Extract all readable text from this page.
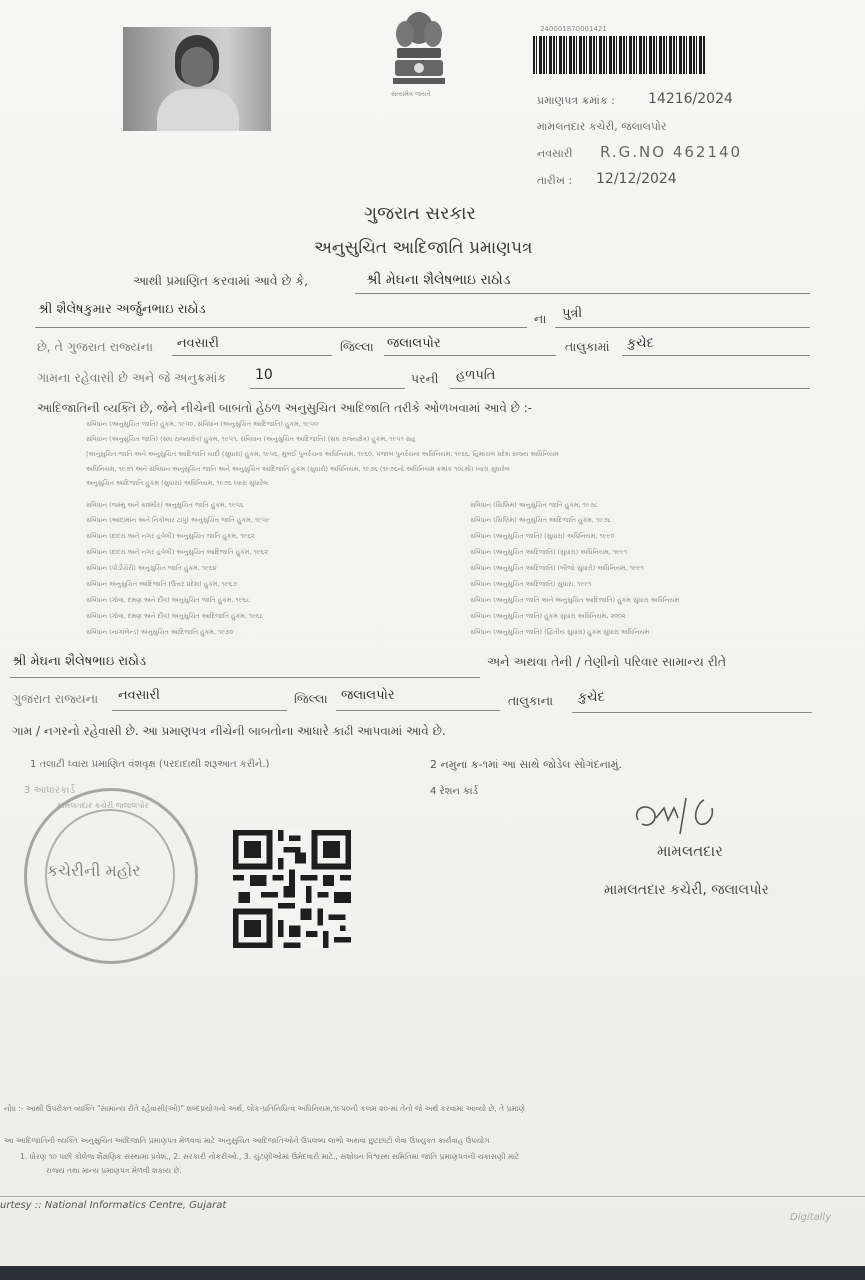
સત્યમેવ જયતે
240001870001421
પ્રમાણપત્ર ક્રમાંક : 14216/2024
મામલતદાર કચેરી, જલાલપોર
નવસારી R.G.NO 462140
તારીખ : 12/12/2024
ગુજરાત સરકાર
અનુસુચિત આદિજાતિ પ્રમાણપત્ર
આથી પ્રમાણિત કરવામાં આવે છે કે,	શ્રી મેઘના શૈલેષભાઇ રાઠોડ
શ્રી શૈલેષકુમાર અર્જુનભાઇ રાઠોડ
ના પુત્રી
છે, તે ગુજરાત રાજ્યના નવસારી	જિલ્લા જલાલપોર	તાલુકામાં કુચેદ
ગામના રહેવાસી છે અને જે અનુક્રમાંક 10	પરની હળપતિ
આદિજાતિની વ્યક્તિ છે, જેને નીચેની બાબતો હેઠળ અનુસુચિત આદિજાતિ તરીકે ઓળખવામાં આવે છે :-
સંવિધાન (અનુસુચિત જાતિ) હુકમ, ૧૯૫૦, સંવિધાન (અનુસુચિત આદિજાતિ) હુકમ, ૧૯૫૦
સંવિધાન (અનુસુચિત જાતિ) (સંઘ રાજ્યક્ષેત્ર) હુકમ, ૧૯૫૧, સંવિધાન (અનુસુચિત આદિજાતિ) (સંઘ રાજ્યક્ષેત્ર) હુકમ, ૧૯૫૧ સહ
(અનુસુચિત જાતિ અને અનુસુચિત આદિજાતિ યાદી (સુધારા) હુકમ, ૧૯૫૬, મુંબઈ પુનર્રચના અધિનિયમ, ૧૯૬૦, પંજાબ પુનર્રચના અધિનિયમ, ૧૯૬૬, હિમાચલ પ્રદેશ રાજ્ય અધિનિયમ
અધિનિયમ, ૧૯૭૧ અને સંવિધાન અનુસુચિત જાતિ અને અનુસુચિત આદિજાતિ હુકમ (સુધારો) અધિનિયમ, ૧૯૭૬ (૧૯૭૬નો અધિનિયમ ક્રમાંક ૧૦૮મો) ધ્વારા સુધારેલ
અનુસુચિત આદિજાતિ હુકમ (સુધારા) અધિનિયમ, ૧૯૭૬ ધ્વારા સુધારેલ
સંવિધાન (જમ્મુ અને કાશ્મીર) અનુસુચિત જાતિ હુકમ, ૧૯૫૬
સંવિધાન (આંદામાન અને નિકોબાર ટાપુ) અનુસુચિત જાતિ હુકમ, ૧૯૫૯
સંવિધાન (દાદરા અને નગર હવેલી) અનુસુચિત જાતિ હુકમ, ૧૯૬૨
સંવિધાન (દાદરા અને નગર હવેલી) અનુસુચિત આદિજાતિ હુકમ, ૧૯૬૨
સંવિધાન (પોંડીચેરી) અનુસુચિત જાતિ હુકમ, ૧૯૬૪
સંવિધાન અનુસુચિત આદિજાતિ (ઉત્તર પ્રદેશ) હુકમ, ૧૯૬૭
સંવિધાન (ગોવા, દમણ અને દીવ) અનુસુચિત જાતિ હુકમ, ૧૯૬૮
સંવિધાન (ગોવા, દમણ અને દીવ) અનુસુચિત આદિજાતિ હુકમ, ૧૯૬૮
સંવિધાન (નાગાલેન્ડ) અનુસુચિત આદિજાતિ હુકમ, ૧૯૭૦
સંવિધાન (સિક્કિમ) અનુસુચિત જાતિ હુકમ, ૧૯૭૮
સંવિધાન (સિક્કિમ) અનુસુચિત આદિજાતિ હુકમ, ૧૯૭૮
સંવિધાન (અનુસુચિત જાતિ) (સુધારા) અધિનિયમ, ૧૯૯૦
સંવિધાન (અનુસુચિત આદિજાતિ) (સુધારા) અધિનિયમ, ૧૯૯૧
સંવિધાન (અનુસુચિત આદિજાતિ) (બીજો સુધારો) અધિનિયમ, ૧૯૯૧
સંવિધાન (અનુસુચિત આદિજાતિ) સુધારા, ૧૯૯૧
સંવિધાન (અનુસુચિત જાતિ અને અનુસુચિત આદિજાતિ) હુકમ સુધારા અધિનિયમ
સંવિધાન (અનુસુચિત જાતિ) હુકમ સુધારા અધિનિયમ, ૨૦૦૨
સંવિધાન (અનુસુચિત જાતિ) (દ્વિતીય સુધારા) હુકમ સુધારા અધિનિયમ
શ્રી મેઘના શૈલેષભાઇ રાઠોડ	અને અથવા તેની / તેણીનો પરિવાર સામાન્ય રીતે
ગુજરાત રાજ્યના નવસારી	જિલ્લા જલાલપોર	તાલુકાના કુચેદ
ગામ / નગરનો રહેવાસી છે. આ પ્રમાણપત્ર નીચેની બાબતોના આધારે કાઢી આપવામાં આવે છે.
1 તલાટી ધ્વારા પ્રમાણિત વંશવૃક્ષ (પરદાદાથી શરૂઆત કરીને.)	2 નમુના ક-૧માં આ સાથે જોડેલ સોગંદનામું.
3 આધારકાર્ડ	4 રેશન કાર્ડ
મામલતદાર કચેરી જલાલપોર
કચેરીની મહોર
મામલતદાર
મામલતદાર કચેરી, જલાલપોર
નોંધ :- આથી ઉપરોક્ત વ્યક્તિ "સામાન્ય રીતે રહેવાસી(ઓ)" શબ્દપ્રયોગનો અર્થ, લોક-પ્રતિનિધિત્વ અધિનિયમ,૧૯૫૦ની કલમ ૨૦-માં તેનો જે અર્થ કરવામાં આવ્યો છે, તે પ્રમાણે
આ આદિજાતિની વ્યક્તિ અનુસુચિત આદિજાતિ પ્રમાણપત્ર મેળવવા માટે અનુસુચિત આદિજાતિઓને ઉપલબ્ધ લાભો અથવા છુટછાટો લેવા ઉપયુક્ત કાર્યવાહ ઉપયોગ
1. ધોરણ ૧૦ પછી કોલેજ શૈક્ષણિક સંસ્થામાં પ્રવેશ., 2. સરકારી નોકરીઓ., 3. ચુંટણીઓમાં ઉમેદવારી માટે., સંશોધન વિશ્વસ્થ સમિતિમાં જાતિ પ્રમાણપત્રની ચકાસણી માટે
રાજ્ય તથા માન્ય પ્રમાણપત્ર મેળવી શકાય છે.
urtesy :: National Informatics Centre, Gujarat
Digitally
